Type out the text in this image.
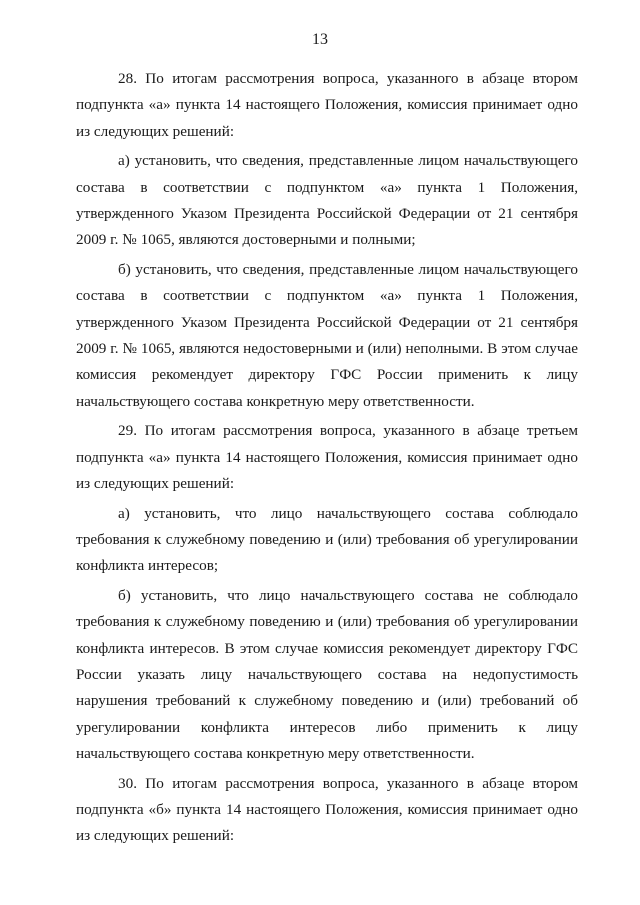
13

28. По итогам рассмотрения вопроса, указанного в абзаце втором подпункта «а» пункта 14 настоящего Положения, комиссия принимает одно из следующих решений:

а) установить, что сведения, представленные лицом начальствующего состава в соответствии с подпунктом «а» пункта 1 Положения, утвержденного Указом Президента Российской Федерации от 21 сентября 2009 г. № 1065, являются достоверными и полными;

б) установить, что сведения, представленные лицом начальствующего состава в соответствии с подпунктом «а» пункта 1 Положения, утвержденного Указом Президента Российской Федерации от 21 сентября 2009 г. № 1065, являются недостоверными и (или) неполными. В этом случае комиссия рекомендует директору ГФС России применить к лицу начальствующего состава конкретную меру ответственности.

29. По итогам рассмотрения вопроса, указанного в абзаце третьем подпункта «а» пункта 14 настоящего Положения, комиссия принимает одно из следующих решений:

а) установить, что лицо начальствующего состава соблюдало требования к служебному поведению и (или) требования об урегулировании конфликта интересов;

б) установить, что лицо начальствующего состава не соблюдало требования к служебному поведению и (или) требования об урегулировании конфликта интересов. В этом случае комиссия рекомендует директору ГФС России указать лицу начальствующего состава на недопустимость нарушения требований к служебному поведению и (или) требований об урегулировании конфликта интересов либо применить к лицу начальствующего состава конкретную меру ответственности.

30. По итогам рассмотрения вопроса, указанного в абзаце втором подпункта «б» пункта 14 настоящего Положения, комиссия принимает одно из следующих решений:
